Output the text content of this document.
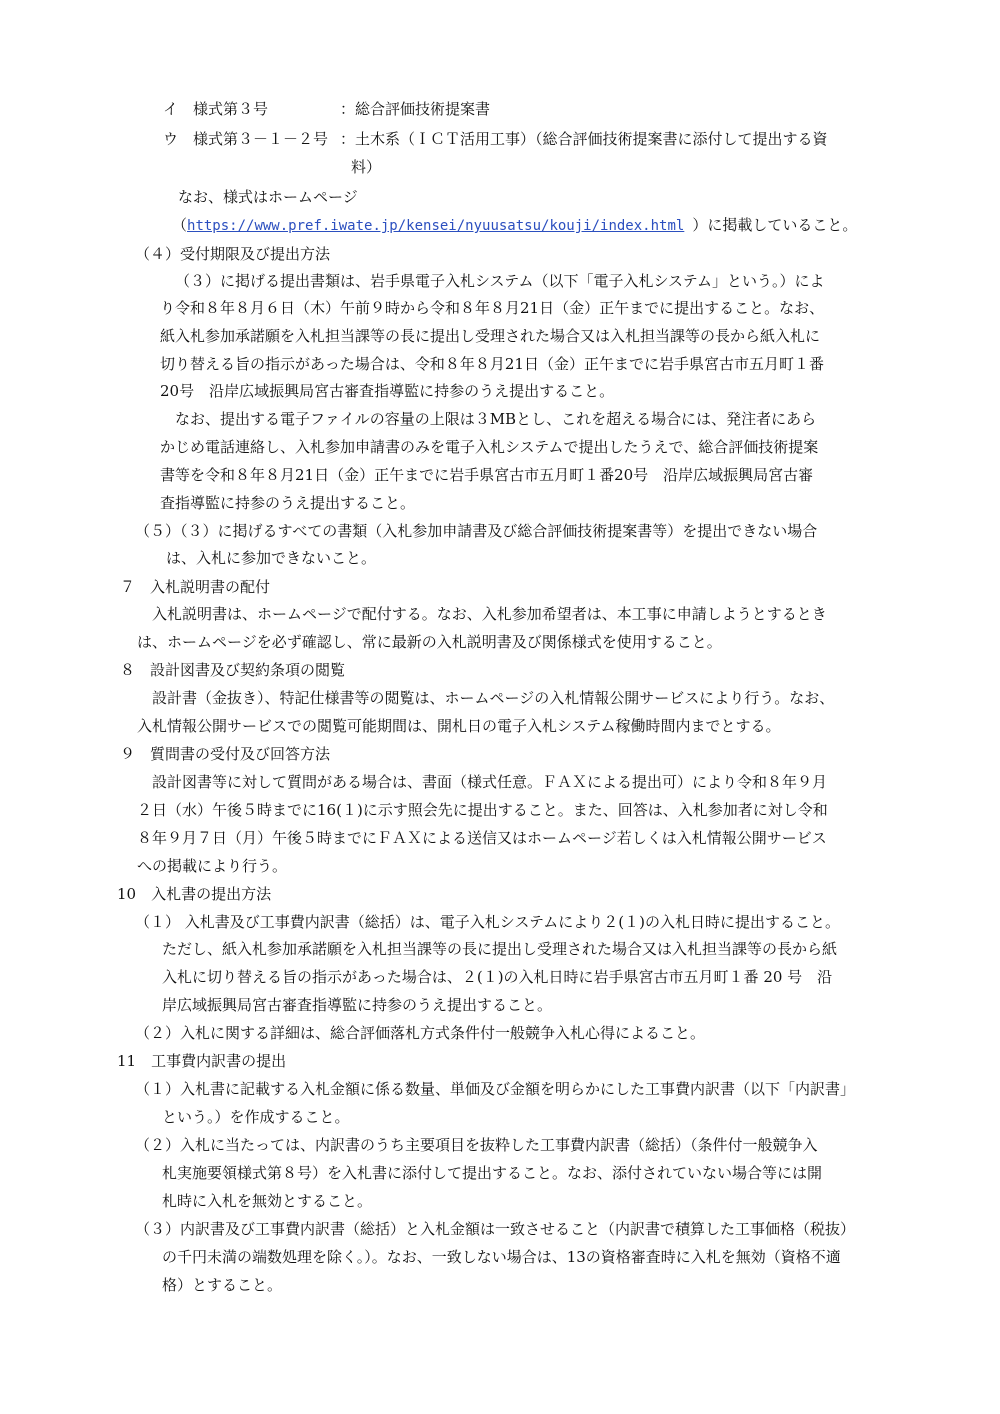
イ　様式第３号	：総合評価技術提案書
ウ　様式第３－１－２号 ：土木系（ＩＣＴ活用工事）（総合評価技術提案書に添付して提出する資
料）
なお、様式はホームページ
（https://www.pref.iwate.jp/kensei/nyuusatsu/kouji/index.html ）に掲載していること。
（４）受付期限及び提出方法
（３）に掲げる提出書類は、岩手県電子入札システム（以下「電子入札システム」という。）によ
り令和８年８月６日（木）午前９時から令和８年８月21日（金）正午までに提出すること。なお、
紙入札参加承諾願を入札担当課等の長に提出し受理された場合又は入札担当課等の長から紙入札に
切り替える旨の指示があった場合は、令和８年８月21日（金）正午までに岩手県宮古市五月町１番
20号　沿岸広域振興局宮古審査指導監に持参のうえ提出すること。
なお、提出する電子ファイルの容量の上限は３MBとし、これを超える場合には、発注者にあら
かじめ電話連絡し、入札参加申請書のみを電子入札システムで提出したうえで、総合評価技術提案
書等を令和８年８月21日（金）正午までに岩手県宮古市五月町１番20号　沿岸広域振興局宮古審
査指導監に持参のうえ提出すること。
（５）（３）に掲げるすべての書類（入札参加申請書及び総合評価技術提案書等）を提出できない場合
は、入札に参加できないこと。
７　入札説明書の配付
入札説明書は、ホームページで配付する。なお、入札参加希望者は、本工事に申請しようとするとき
は、ホームページを必ず確認し、常に最新の入札説明書及び関係様式を使用すること。
８　設計図書及び契約条項の閲覧
設計書（金抜き）、特記仕様書等の閲覧は、ホームページの入札情報公開サービスにより行う。なお、
入札情報公開サービスでの閲覧可能期間は、開札日の電子入札システム稼働時間内までとする。
９　質問書の受付及び回答方法
設計図書等に対して質問がある場合は、書面（様式任意。ＦＡＸによる提出可）により令和８年９月
２日（水）午後５時までに16(１)に示す照会先に提出すること。また、回答は、入札参加者に対し令和
８年９月７日（月）午後５時までにＦＡＸによる送信又はホームページ若しくは入札情報公開サービス
への掲載により行う。
10　入札書の提出方法
（１） 入札書及び工事費内訳書（総括）は、電子入札システムにより２(１)の入札日時に提出すること。
ただし、紙入札参加承諾願を入札担当課等の長に提出し受理された場合又は入札担当課等の長から紙
入札に切り替える旨の指示があった場合は、２(１)の入札日時に岩手県宮古市五月町１番 20 号　沿
岸広域振興局宮古審査指導監に持参のうえ提出すること。
（２）入札に関する詳細は、総合評価落札方式条件付一般競争入札心得によること。
11　工事費内訳書の提出
（１）入札書に記載する入札金額に係る数量、単価及び金額を明らかにした工事費内訳書（以下「内訳書」
という。）を作成すること。
（２）入札に当たっては、内訳書のうち主要項目を抜粋した工事費内訳書（総括）（条件付一般競争入
札実施要領様式第８号）を入札書に添付して提出すること。なお、添付されていない場合等には開
札時に入札を無効とすること。
（３）内訳書及び工事費内訳書（総括）と入札金額は一致させること（内訳書で積算した工事価格（税抜）
の千円未満の端数処理を除く。）。なお、一致しない場合は、13の資格審査時に入札を無効（資格不適
格）とすること。
